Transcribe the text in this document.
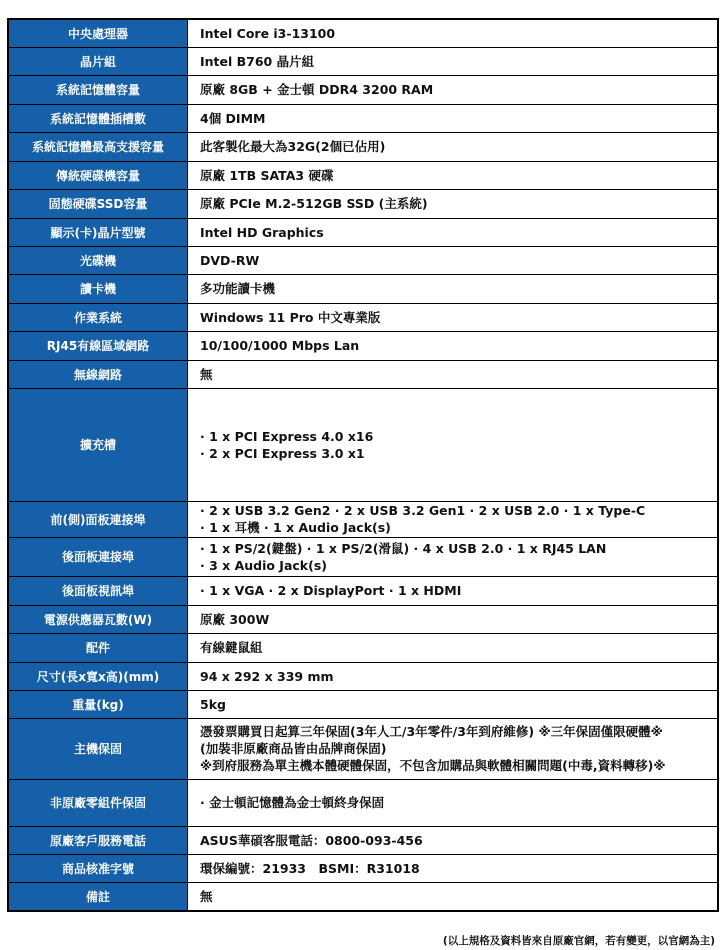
中央處理器	Intel Core i3-13100

晶片組	Intel B760 晶片組

系統記憶體容量	原廠 8GB + 金士頓 DDR4 3200 RAM

系統記憶體插槽數	4個 DIMM

系統記憶體最高支援容量	此客製化最大為32G(2個已佔用)

傳統硬碟機容量	原廠 1TB SATA3 硬碟

固態硬碟SSD容量	原廠 PCIe M.2-512GB SSD (主系統)

顯示(卡)晶片型號	Intel HD Graphics

光碟機	DVD-RW

讀卡機	多功能讀卡機

作業系統	Windows 11 Pro 中文專業版

RJ45有線區域網路	10/100/1000 Mbps Lan

無線網路	無

擴充槽	· 1 x PCI Express 4.0 x16
· 2 x PCI Express 3.0 x1

前(側)面板連接埠	· 2 x USB 3.2 Gen2 · 2 x USB 3.2 Gen1 · 2 x USB 2.0 · 1 x Type-C
· 1 x 耳機 · 1 x Audio Jack(s)

後面板連接埠	· 1 x PS/2(鍵盤) · 1 x PS/2(滑鼠) · 4 x USB 2.0 · 1 x RJ45 LAN
· 3 x Audio Jack(s)

後面板視訊埠	· 1 x VGA · 2 x DisplayPort · 1 x HDMI

電源供應器瓦數(W)	原廠 300W

配件	有線鍵鼠組

尺寸(長x寬x高)(mm)	94 x 292 x 339 mm

重量(kg)	5kg

主機保固	憑發票購買日起算三年保固(3年人工/3年零件/3年到府維修) ※三年保固僅限硬體※
(加裝非原廠商品皆由品牌商保固)
※到府服務為單主機本體硬體保固，不包含加購品與軟體相關問題(中毒,資料轉移)※

非原廠零組件保固	· 金士頓記憶體為金士頓終身保固

原廠客戶服務電話	ASUS華碩客服電話：0800-093-456

商品核准字號	環保編號：21933　BSMI：R31018

備註	無
(以上規格及資料皆來自原廠官網，若有變更，以官網為主)
